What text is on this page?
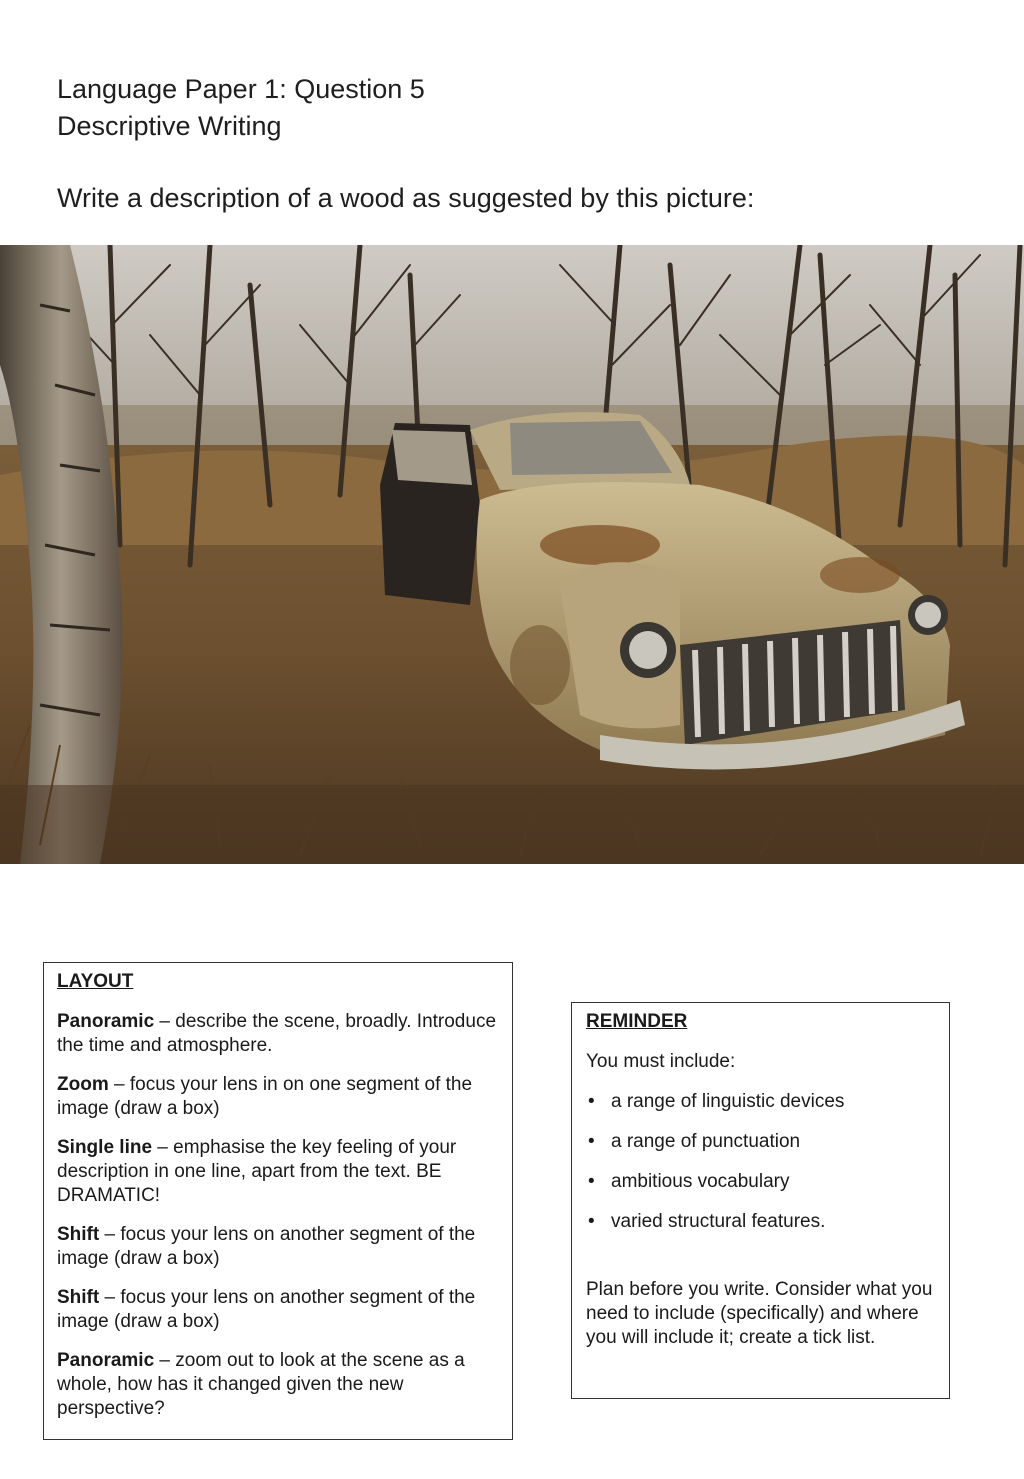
Language Paper 1: Question 5
Descriptive Writing
Write a description of a wood as suggested by this picture:
LAYOUT
Panoramic – describe the scene, broadly. Introduce the time and atmosphere.
Zoom – focus your lens in on one segment of the image (draw a box)
Single line – emphasise the key feeling of your description in one line, apart from the text. BE DRAMATIC!
Shift – focus your lens on another segment of the image (draw a box)
Shift – focus your lens on another segment of the image (draw a box)
Panoramic – zoom out to look at the scene as a whole, how has it changed given the new perspective?
REMINDER
You must include:
• a range of linguistic devices
• a range of punctuation
• ambitious vocabulary
• varied structural features.
Plan before you write. Consider what you need to include (specifically) and where you will include it; create a tick list.
